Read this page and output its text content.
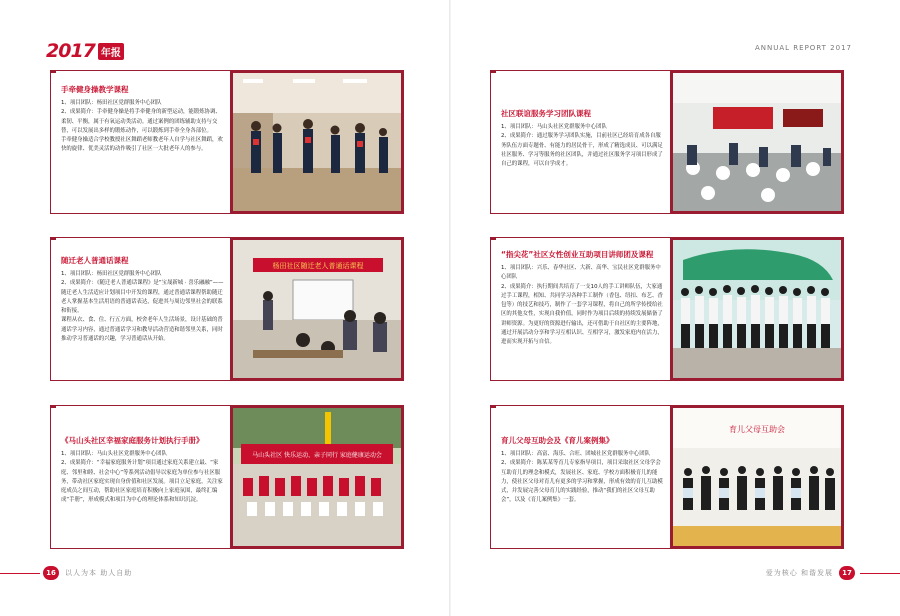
2017 年报	ANNUAL REPORT 2017
手牵健身操教学课程

1、项目团队：杨田社区党群服务中心团队

2、成果简介：手牵健身操是将手牵健身的新型运动，能锻炼协调、柔韧、平衡，属于有氧运动类活动。通过案例的团练辅助支持与交替，可以发展出多样的锻炼动作，可以锻炼到手牵全身各部位。

手牵健身操适合学校教授社区舞蹈老师教老年人自学与社区舞蹈，欢快的旋律、优美灵活的动作吸引了社区一大批老年人的参与。

社区联谊服务学习团队课程

1、项目团队：马山头社区党群服务中心团队

2、成果简介：通过服务学习团队实施，目前社区已经培育成各自服务队伍方面专题骨、有能力的居民骨干，形成了精选成员、可以满足社区服务、学习等服务的社区团队，并通过社区服务学习项目形成了自己的课程，可以自学成才。

随迁老人普通话课程

1、项目团队：杨田社区党群服务中心团队

2、成果简介：《随迁老人普通话课程》是“宝晟新城 · 喜乐融融”——随迁老人生活适应计划项目中开发的课程，通过普通话课程帮助随迁老人掌握基本生活用语的普通话表达，促进其与周边邻里社会的联系和衔接。

课程从衣、食、住、行五方面，校舍老年人生活场景，设计基础的普通话学习内容，通过普通话学习和教导活动营造和谐邻里关系，同时推动学习普通话的兴趣，学习普通话从开始。

杨田社区随迁老人普通话课程
“指尖花”社区女性创业互助项目讲师团及课程

1、项目团队：兴乐、春华社区、大新、高华、宝民社区党群服务中心团队

2、成果简介：执行期间共培育了一支10人的手工讲师队伍，大家通过手工课程，相知、共同学习各种手工制作（香包、纽扣、布艺、香包等）的技艺和技巧，制作了一套学习课程，将自己的所学传授给社区的其他女性，实现自我价值，同时作为项目后续的持续发展储备了讲师资源。为更好的资源进行输出，还可借助于自社区的主要阵地，通过开展活动分享和学习互相认识、互相学习，激发家庭内在活力，进而实现开拓与自信。

《马山头社区幸福家庭服务计划执行手册》

1、项目团队：马山头社区党群服务中心团队

2、成果简介：“幸福家庭服务计划”项目通过家庭关系建立最、“家庭、邻里和睦、社会中心”等系列活动倡导以家庭为单位参与社区服务，带动社区家庭实现自身价值和社区发展。项目立足家庭，关注家庭成员之间互动，帮助社区家庭培育积极向上家庭氛围，最终汇编成“手册”，形成模式和项目为中心的理论体系和知识沉淀。

马山头社区 快乐运动、亲子同行 家庭健康运动会
育儿父母互助会及《育儿案例集》

1、项目团队：高富、海乐、合旺、团城社区党群服务中心团队

2、成果简介：陈某某等育儿专家指导项目，项目采取社区父母学会互助育儿的理念和模式，发展社区、家庭、学校方面积极育儿的能力，使社区父母对育儿有更多的学习和掌握，形成有效的育儿互助模式，并发展完善父母育儿的实践经验，推动“我们的社区父母互助会”，以及《育儿案例集》一套。

育儿父母互助会
16	以人为本 助人自助	爱为核心 和谐发展	17
